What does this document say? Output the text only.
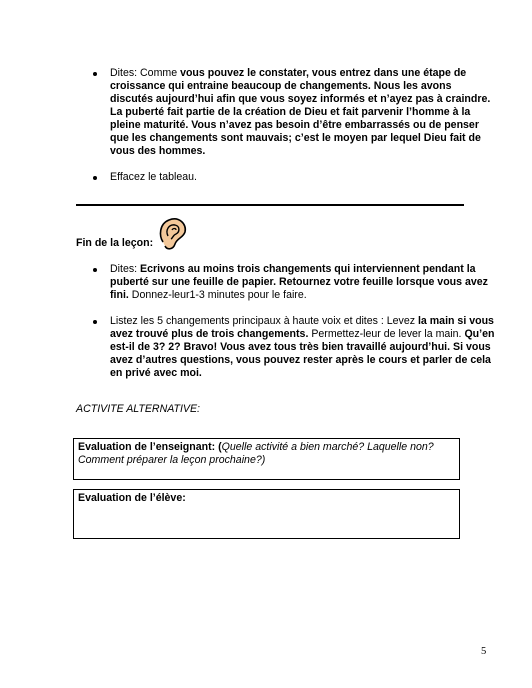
Dites: Comme vous pouvez le constater, vous entrez dans une étape de croissance qui entraine beaucoup de changements. Nous les avons discutés aujourd’hui afin que vous soyez informés et n’ayez pas à craindre. La puberté fait partie de la création de Dieu et fait parvenir l’homme à la pleine maturité. Vous n’avez pas besoin d’être embarrassés ou de penser que les changements sont mauvais; c’est le moyen par lequel Dieu fait de vous des hommes.
Effacez le tableau.
Fin de la leçon:
Dites: Ecrivons au moins trois changements qui interviennent pendant la puberté sur une feuille de papier. Retournez votre feuille lorsque vous avez fini. Donnez-leur1-3 minutes pour le faire.
Listez les 5 changements principaux à haute voix et dites : Levez la main si vous avez trouvé plus de trois changements. Permettez-leur de lever la main. Qu’en est-il de 3? 2? Bravo! Vous avez tous très bien travaillé aujourd’hui. Si vous avez d’autres questions, vous pouvez rester après le cours et parler de cela en privé avec moi.
ACTIVITE ALTERNATIVE:
Evaluation de l’enseignant: (Quelle activité a bien marché? Laquelle non? Comment préparer la leçon prochaine?)
Evaluation de l’élève:
5
